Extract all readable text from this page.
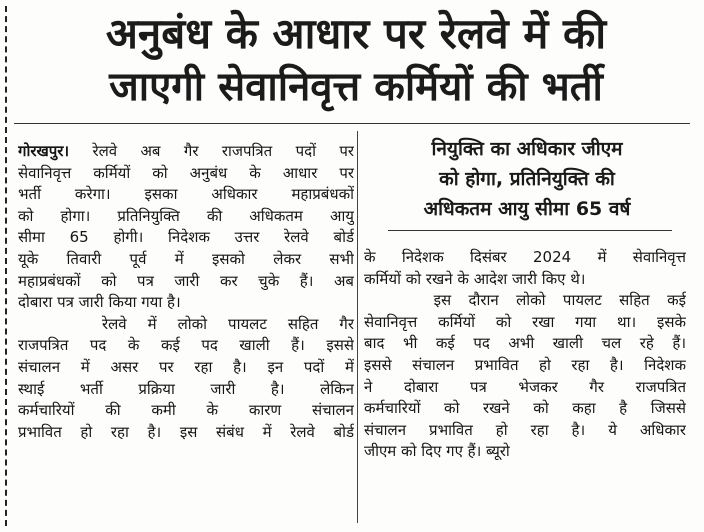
अनुबंध के आधार पर रेलवे में की
जाएगी सेवानिवृत्त कर्मियों की भर्ती
गोरखपुर। रेलवे अब गैर राजपत्रित पदों पर
सेवानिवृत्त कर्मियों को अनुबंध के आधार पर
भर्ती करेगा। इसका अधिकार महाप्रबंधकों
को होगा। प्रतिनियुक्ति की अधिकतम आयु
सीमा 65 होगी। निदेशक उत्तर रेलवे बोर्ड
यूके तिवारी पूर्व में इसको लेकर सभी
महाप्रबंधकों को पत्र जारी कर चुके हैं। अब
दोबारा पत्र जारी किया गया है।
रेलवे में लोको पायलट सहित गैर
राजपत्रित पद के कई पद खाली हैं। इससे
संचालन में असर पर रहा है। इन पदों में
स्थाई भर्ती प्रक्रिया जारी है। लेकिन
कर्मचारियों की कमी के कारण संचालन
प्रभावित हो रहा है। इस संबंध में रेलवे बोर्ड
नियुक्ति का अधिकार जीएम
को होगा, प्रतिनियुक्ति की
अधिकतम आयु सीमा 65 वर्ष
के निदेशक दिसंबर 2024 में सेवानिवृत्त
कर्मियों को रखने के आदेश जारी किए थे।
इस दौरान लोको पायलट सहित कई
सेवानिवृत्त कर्मियों को रखा गया था। इसके
बाद भी कई पद अभी खाली चल रहे हैं।
इससे संचालन प्रभावित हो रहा है। निदेशक
ने दोबारा पत्र भेजकर गैर राजपत्रित
कर्मचारियों को रखने को कहा है जिससे
संचालन प्रभावित हो रहा है। ये अधिकार
जीएम को दिए गए हैं। ब्यूरो
